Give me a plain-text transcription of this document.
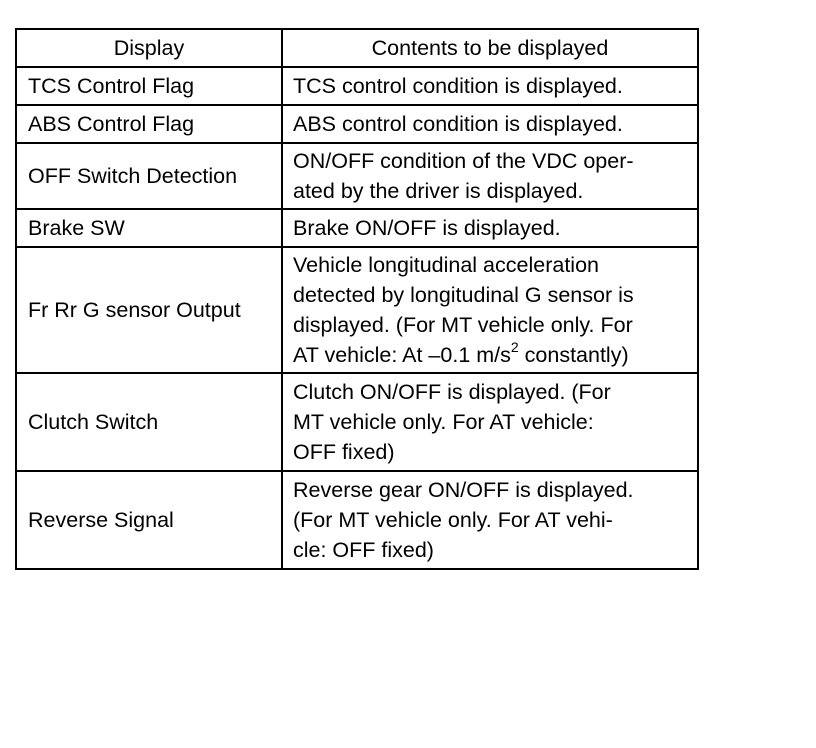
Display	Contents to be displayed
TCS Control Flag	TCS control condition is displayed.

ABS Control Flag	ABS control condition is displayed.

OFF Switch Detection	ON/OFF condition of the VDC oper-
ated by the driver is displayed.

Brake SW	Brake ON/OFF is displayed.

Fr Rr G sensor Output	Vehicle longitudinal acceleration
detected by longitudinal G sensor is
displayed. (For MT vehicle only. For
AT vehicle: At –0.1 $m/s^2$ constantly)

Clutch Switch	Clutch ON/OFF is displayed. (For
MT vehicle only. For AT vehicle:
OFF fixed)

Reverse Signal	Reverse gear ON/OFF is displayed.
(For MT vehicle only. For AT vehi-
cle: OFF fixed)
